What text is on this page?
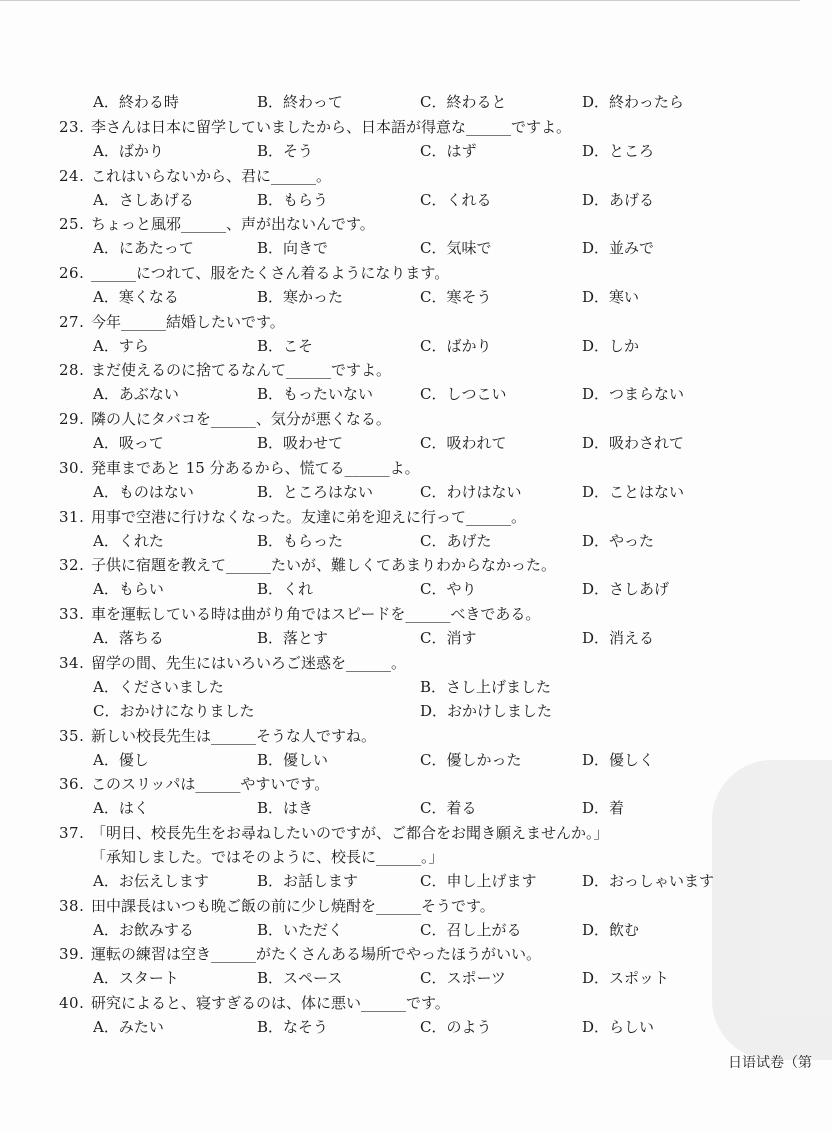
A．終わる時	B．終わって	C．終わると	D．終わったら
23. 李さんは日本に留学していましたから、日本語が得意な______ですよ。
A．ばかり	B．そう	C．はず	D．ところ
24. これはいらないから、君に______。
A．さしあげる	B．もらう	C．くれる	D．あげる
25. ちょっと風邪______、声が出ないんです。
A．にあたって	B．向きで	C．気味で	D．並みで
26. ______につれて、服をたくさん着るようになります。
A．寒くなる	B．寒かった	C．寒そう	D．寒い
27. 今年______結婚したいです。
A．すら	B．こそ	C．ばかり	D．しか
28. まだ使えるのに捨てるなんて______ですよ。
A．あぶない	B．もったいない	C．しつこい	D．つまらない
29. 隣の人にタバコを______、気分が悪くなる。
A．吸って	B．吸わせて	C．吸われて	D．吸わされて
30. 発車まであと 15 分あるから、慌てる______よ。
A．ものはない	B．ところはない	C．わけはない	D．ことはない
31. 用事で空港に行けなくなった。友達に弟を迎えに行って______。
A．くれた	B．もらった	C．あげた	D．やった
32. 子供に宿題を教えて______たいが、難しくてあまりわからなかった。
A．もらい	B．くれ	C．やり	D．さしあげ
33. 車を運転している時は曲がり角ではスピードを______べきである。
A．落ちる	B．落とす	C．消す	D．消える
34. 留学の間、先生にはいろいろご迷惑を______。
A．くださいました	B．さし上げました
C．おかけになりました	D．おかけしました
35. 新しい校長先生は______そうな人ですね。
A．優し	B．優しい	C．優しかった	D．優しく
36. このスリッパは______やすいです。
A．はく	B．はき	C．着る	D．着
37. 「明日、校長先生をお尋ねしたいのですが、ご都合をお聞き願えませんか。」
「承知しました。ではそのように、校長に______。」
A．お伝えします	B．お話します	C．申し上げます	D．おっしゃいます
38. 田中課長はいつも晩ご飯の前に少し焼酎を______そうです。
A．お飲みする	B．いただく	C．召し上がる	D．飲む
39. 運転の練習は空き______がたくさんある場所でやったほうがいい。
A．スタート	B．スペース	C．スポーツ	D．スポット
40. 研究によると、寝すぎるのは、体に悪い______です。
A．みたい	B．なそう	C．のよう	D．らしい
日语试卷（第
